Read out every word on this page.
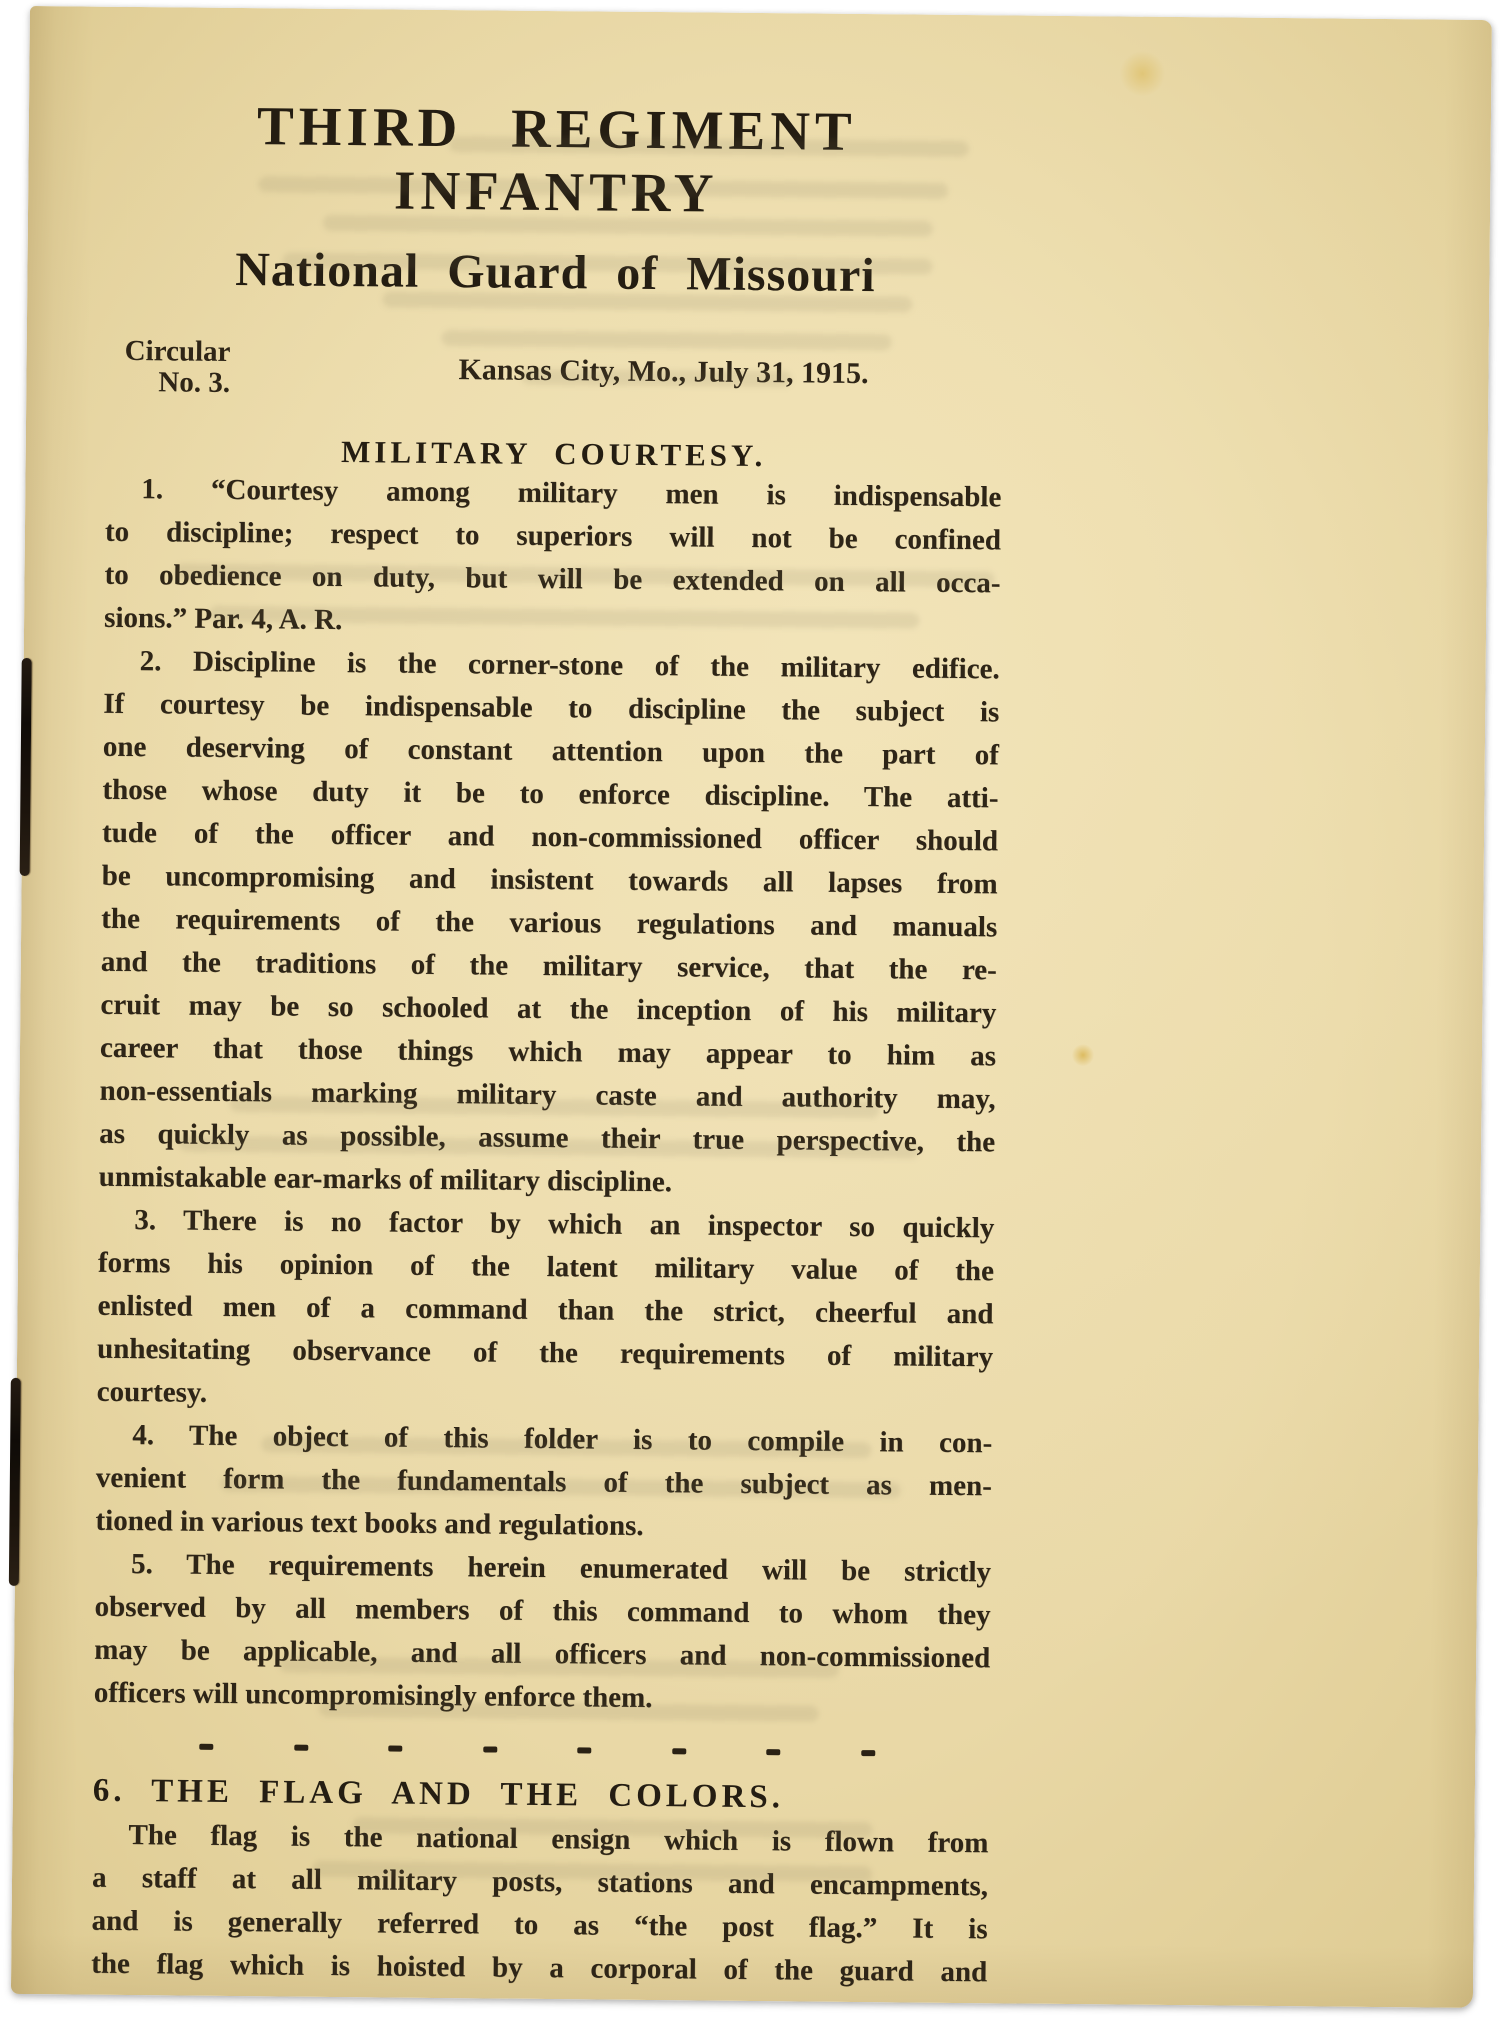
THIRD REGIMENT INFANTRY
National Guard of Missouri
Circular
No. 3.	Kansas City, Mo., July 31, 1915.
MILITARY COURTESY.
1. “Courtesy among military men is indispensable
to discipline; respect to superiors will not be confined
to obedience on duty, but will be extended on all occa-
sions.” Par. 4, A. R.
2. Discipline is the corner-stone of the military edifice.
If courtesy be indispensable to discipline the subject is
one deserving of constant attention upon the part of
those whose duty it be to enforce discipline. The atti-
tude of the officer and non-commissioned officer should
be uncompromising and insistent towards all lapses from
the requirements of the various regulations and manuals
and the traditions of the military service, that the re-
cruit may be so schooled at the inception of his military
career that those things which may appear to him as
non-essentials marking military caste and authority may,
as quickly as possible, assume their true perspective, the
unmistakable ear-marks of military discipline.
3. There is no factor by which an inspector so quickly
forms his opinion of the latent military value of the
enlisted men of a command than the strict, cheerful and
unhesitating observance of the requirements of military
courtesy.
4. The object of this folder is to compile in con-
venient form the fundamentals of the subject as men-
tioned in various text books and regulations.
5. The requirements herein enumerated will be strictly
observed by all members of this command to whom they
may be applicable, and all officers and non-commissioned
officers will uncompromisingly enforce them.
6. THE FLAG AND THE COLORS.
The flag is the national ensign which is flown from
a staff at all military posts, stations and encampments,
and is generally referred to as “the post flag.” It is
the flag which is hoisted by a corporal of the guard and
